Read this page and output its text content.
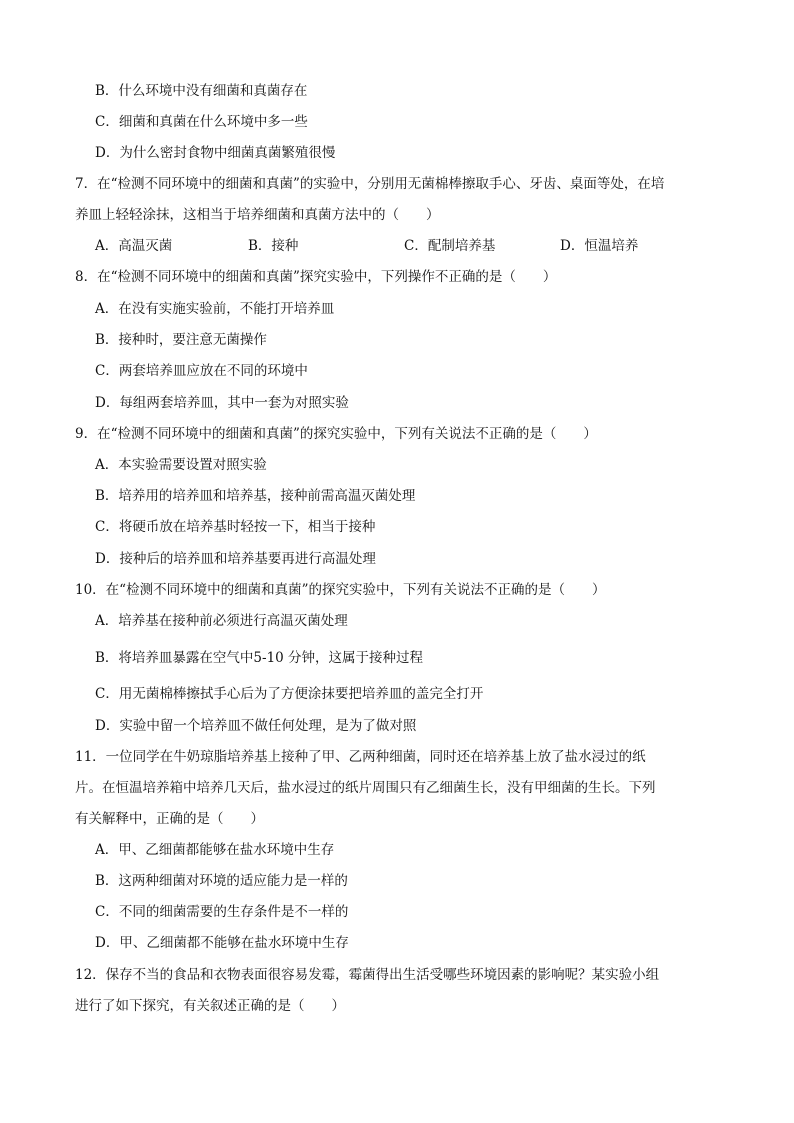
B．什么环境中没有细菌和真菌存在
C．细菌和真菌在什么环境中多一些
D．为什么密封食物中细菌真菌繁殖很慢
7．在“检测不同环境中的细菌和真菌”的实验中，分别用无菌棉棒擦取手心、牙齿、桌面等处，在培
养皿上轻轻涂抹，这相当于培养细菌和真菌方法中的（　　）
A．高温灭菌	B．接种	C．配制培养基	D．恒温培养
8．在“检测不同环境中的细菌和真菌”探究实验中，下列操作不正确的是（　　）
A．在没有实施实验前，不能打开培养皿
B．接种时，要注意无菌操作
C．两套培养皿应放在不同的环境中
D．每组两套培养皿，其中一套为对照实验
9．在“检测不同环境中的细菌和真菌”的探究实验中，下列有关说法不正确的是（　　）
A．本实验需要设置对照实验
B．培养用的培养皿和培养基，接种前需高温灭菌处理
C．将硬币放在培养基时轻按一下，相当于接种
D．接种后的培养皿和培养基要再进行高温处理
10．在“检测不同环境中的细菌和真菌”的探究实验中，下列有关说法不正确的是（　　）
A．培养基在接种前必须进行高温灭菌处理
B．将培养皿暴露在空气中5-10 分钟，这属于接种过程
C．用无菌棉棒擦拭手心后为了方便涂抹要把培养皿的盖完全打开
D．实验中留一个培养皿不做任何处理，是为了做对照
11．一位同学在牛奶琼脂培养基上接种了甲、乙两种细菌，同时还在培养基上放了盐水浸过的纸
片。在恒温培养箱中培养几天后，盐水浸过的纸片周围只有乙细菌生长，没有甲细菌的生长。下列
有关解释中，正确的是（　　）
A．甲、乙细菌都能够在盐水环境中生存
B．这两种细菌对环境的适应能力是一样的
C．不同的细菌需要的生存条件是不一样的
D．甲、乙细菌都不能够在盐水环境中生存
12．保存不当的食品和衣物表面很容易发霉，霉菌得出生活受哪些环境因素的影响呢？某实验小组
进行了如下探究，有关叙述正确的是（　　）
